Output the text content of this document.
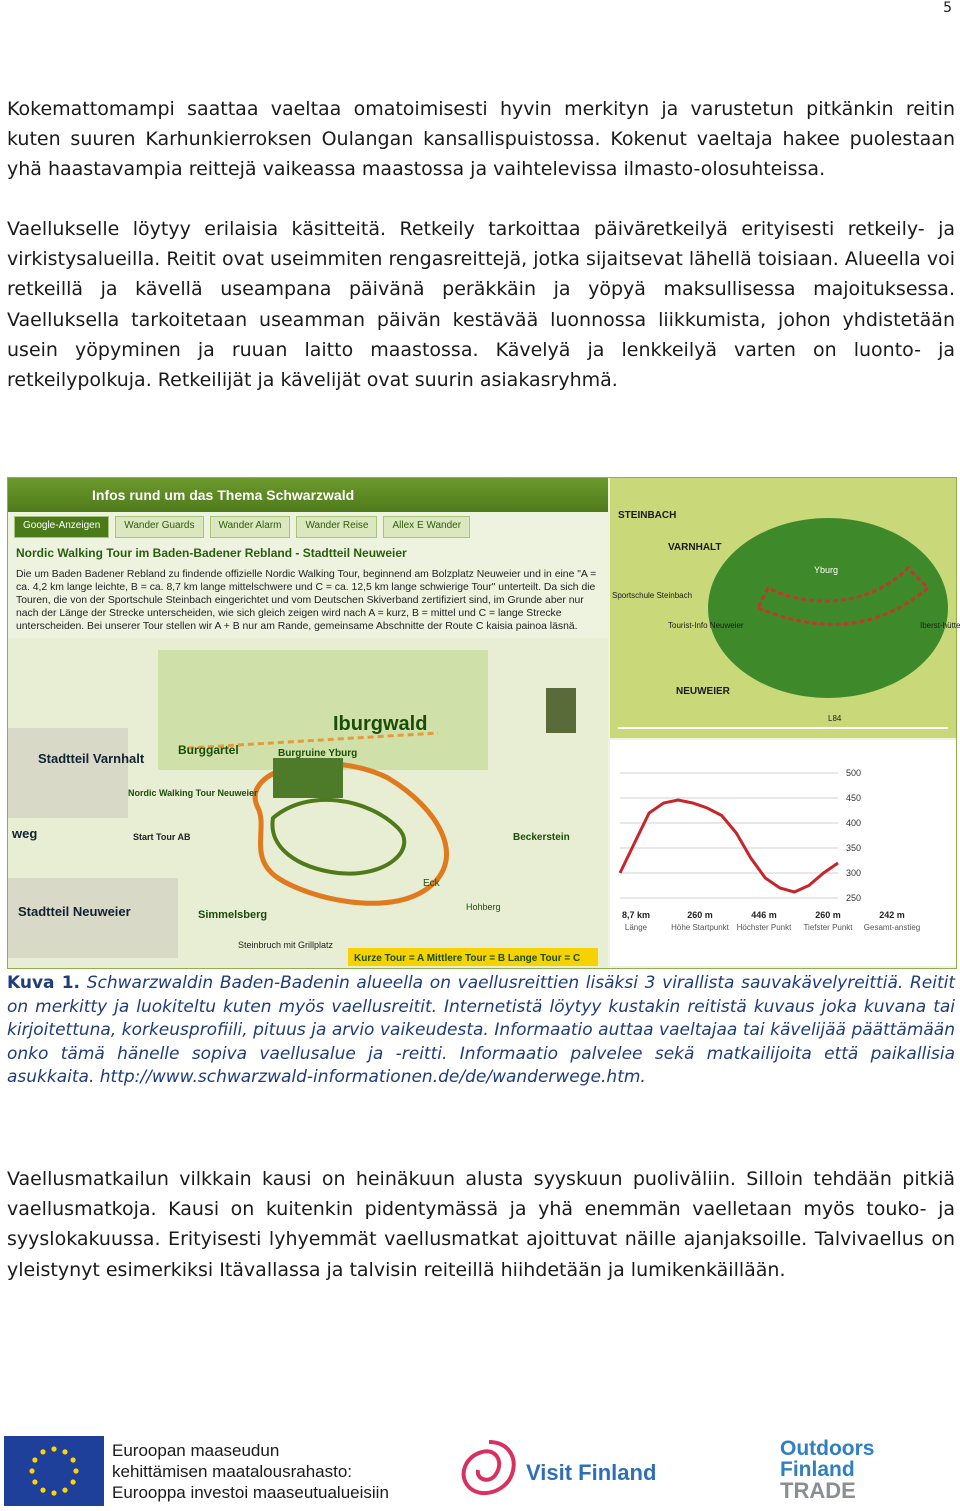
5

Kokemattomampi saattaa vaeltaa omatoimisesti hyvin merkityn ja varustetun pitkänkin reitin kuten suuren Karhunkierroksen Oulangan kansallispuistossa. Kokenut vaeltaja hakee puolestaan yhä haastavampia reittejä vaikeassa maastossa ja vaihtelevissa ilmasto-olosuhteissa.

Vaellukselle löytyy erilaisia käsitteitä. Retkeily tarkoittaa päiväretkeilyä erityisesti retkeily- ja virkistysalueilla. Reitit ovat useimmiten rengasreittejä, jotka sijaitsevat lähellä toisiaan. Alueella voi retkeillä ja kävellä useampana päivänä peräkkäin ja yöpyä maksullisessa majoituksessa. Vaelluksella tarkoitetaan useamman päivän kestävää luonnossa liikkumista, johon yhdistetään usein yöpyminen ja ruuan laitto maastossa. Kävelyä ja lenkkeilyä varten on luonto- ja retkeilypolkuja. Retkeilijät ja kävelijät ovat suurin asiakasryhmä.

500
450
400
350
300
250
8,7 km
Länge
260 m
Höhe Startpunkt
446 m
Höchster Punkt
260 m
Tiefster Punkt
242 m
Gesamt-anstieg
Iburgwald
Burggartel	Burgruine Yburg
Stadtteil Varnhalt
Stadtteil Neuweier
Start Tour AB
Nordic Walking Tour Neuweier
Beckerstein
Simmelsberg
Hohberg
Eck
weg
Steinbruch mit Grillplatz
Kurze Tour = A Mittlere Tour = B Lange Tour = C
VARNHALT
STEINBACH
NEUWEIER
Yburg
Sportschule Steinbach
Tourist-Info Neuweier	Iberst-hütte
L84
Infos rund um das Thema Schwarzwald
Google-Anzeigen	Wander Guards	Wander Alarm	Wander Reise	Allex E Wander
Nordic Walking Tour im Baden-Badener Rebland - Stadtteil Neuweier

Die um Baden Badener Rebland zu findende offizielle Nordic Walking Tour, beginnend am Bolzplatz Neuweier und in eine "A = ca. 4,2 km lange leichte, B = ca. 8,7 km lange mittelschwere und C = ca. 12,5 km lange schwierige Tour" unterteilt. Da sich die Touren, die von der Sportschule Steinbach eingerichtet und vom Deutschen Skiverband zertifiziert sind, im Grunde aber nur nach der Länge der Strecke unterscheiden, wie sich gleich zeigen wird nach A = kurz, B = mittel und C = lange Strecke unterscheiden. Bei unserer Tour stellen wir A + B nur am Rande, gemeinsame Abschnitte der Route C kaisia painoa läsnä.

Kuva 1. Schwarzwaldin Baden-Badenin alueella on vaellusreittien lisäksi 3 virallista sauvakävelyreittiä. Reitit on merkitty ja luokiteltu kuten myös vaellusreitit. Internetistä löytyy kustakin reitistä kuvaus joka kuvana tai kirjoitettuna, korkeusprofiili, pituus ja arvio vaikeudesta. Informaatio auttaa vaeltajaa tai kävelijää päättämään onko tämä hänelle sopiva vaellusalue ja -reitti. Informaatio palvelee sekä matkailijoita että paikallisia asukkaita. http://www.schwarzwald-informationen.de/de/wanderwege.htm.

Vaellusmatkailun vilkkain kausi on heinäkuun alusta syyskuun puoliväliin. Silloin tehdään pitkiä vaellusmatkoja. Kausi on kuitenkin pidentymässä ja yhä enemmän vaelletaan myös touko- ja syyslokakuussa. Erityisesti lyhyemmät vaellusmatkat ajoittuvat näille ajanjaksoille. Talvivaellus on yleistynyt esimerkiksi Itävallassa ja talvisin reiteillä hiihdetään ja lumikenkäillään.

Euroopan maaseudun
kehittämisen maatalousrahasto:
Eurooppa investoi maaseutualueisiin
Visit Finland
Outdoors
Finland
TRADE
